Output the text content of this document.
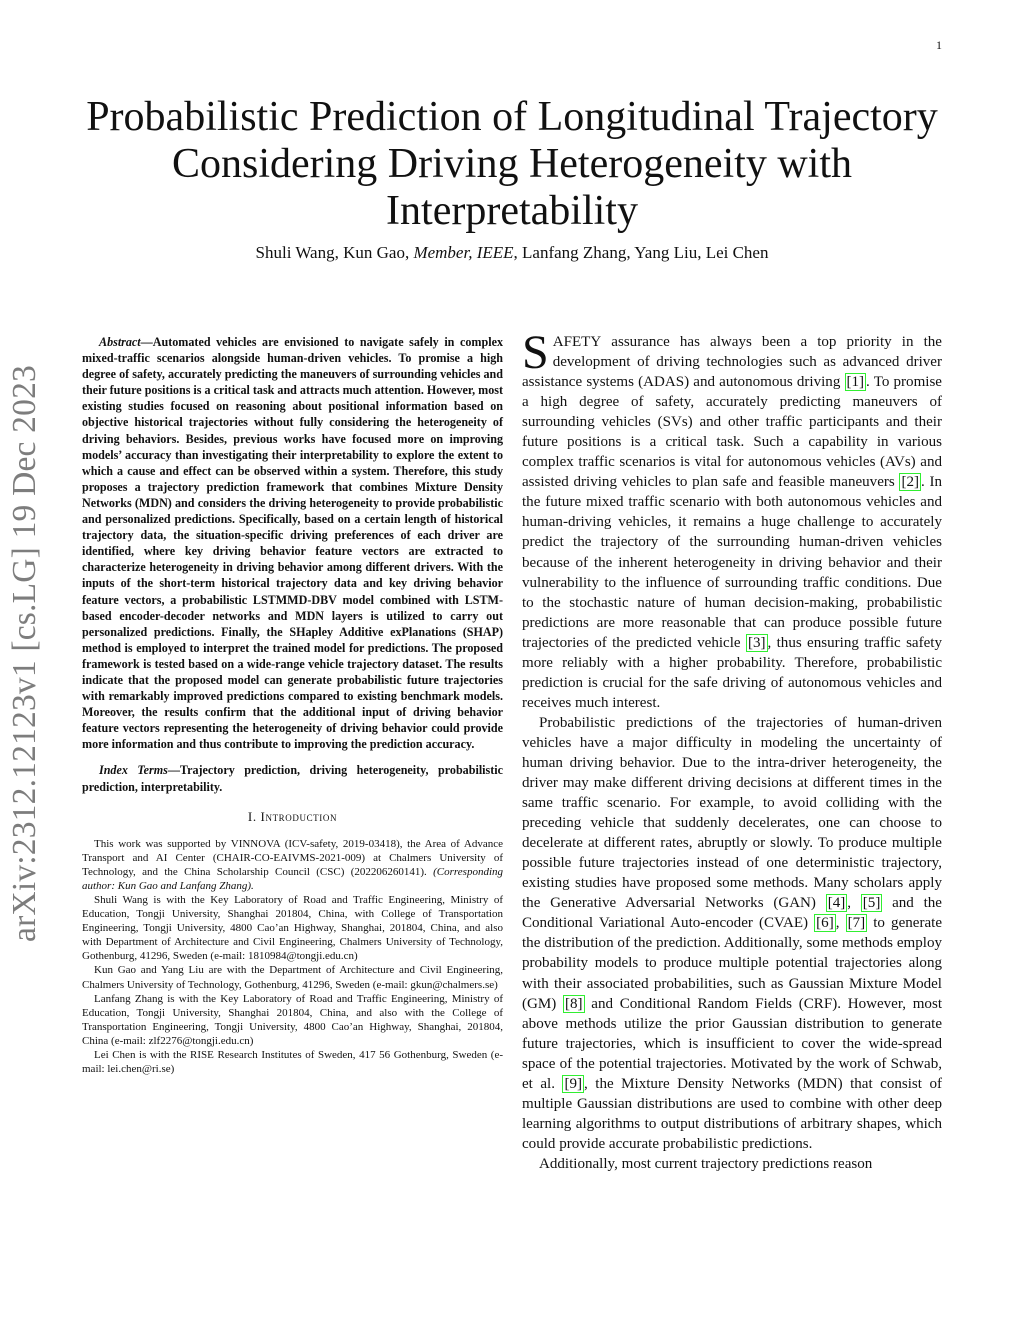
1
arXiv:2312.12123v1 [cs.LG] 19 Dec 2023
Probabilistic Prediction of Longitudinal Trajectory Considering Driving Heterogeneity with Interpretability
Shuli Wang, Kun Gao, Member, IEEE, Lanfang Zhang, Yang Liu, Lei Chen

Abstract—Automated vehicles are envisioned to navigate safely in complex mixed-traffic scenarios alongside human-driven vehicles. To promise a high degree of safety, accurately predicting the maneuvers of surrounding vehicles and their future positions is a critical task and attracts much attention. However, most existing studies focused on reasoning about positional information based on objective historical trajectories without fully considering the heterogeneity of driving behaviors. Besides, previous works have focused more on improving models’ accuracy than investigating their interpretability to explore the extent to which a cause and effect can be observed within a system. Therefore, this study proposes a trajectory prediction framework that combines Mixture Density Networks (MDN) and considers the driving heterogeneity to provide probabilistic and personalized predictions. Specifically, based on a certain length of historical trajectory data, the situation-specific driving preferences of each driver are identified, where key driving behavior feature vectors are extracted to characterize heterogeneity in driving behavior among different drivers. With the inputs of the short-term historical trajectory data and key driving behavior feature vectors, a probabilistic LSTMMD-DBV model combined with LSTM-based encoder-decoder networks and MDN layers is utilized to carry out personalized predictions. Finally, the SHapley Additive exPlanations (SHAP) method is employed to interpret the trained model for predictions. The proposed framework is tested based on a wide-range vehicle trajectory dataset. The results indicate that the proposed model can generate probabilistic future trajectories with remarkably improved predictions compared to existing benchmark models. Moreover, the results confirm that the additional input of driving behavior feature vectors representing the heterogeneity of driving behavior could provide more information and thus contribute to improving the prediction accuracy.

Index Terms—Trajectory prediction, driving heterogeneity, probabilistic prediction, interpretability.

I. Introduction

This work was supported by VINNOVA (ICV-safety, 2019-03418), the Area of Advance Transport and AI Center (CHAIR-CO-EAIVMS-2021-009) at Chalmers University of Technology, and the China Scholarship Council (CSC) (202206260141). (Corresponding author: Kun Gao and Lanfang Zhang).

Shuli Wang is with the Key Laboratory of Road and Traffic Engineering, Ministry of Education, Tongji University, Shanghai 201804, China, with College of Transportation Engineering, Tongji University, 4800 Cao’an Highway, Shanghai, 201804, China, and also with Department of Architecture and Civil Engineering, Chalmers University of Technology, Gothenburg, 41296, Sweden (e-mail: 1810984@tongji.edu.cn)

Kun Gao and Yang Liu are with the Department of Architecture and Civil Engineering, Chalmers University of Technology, Gothenburg, 41296, Sweden (e-mail: gkun@chalmers.se)

Lanfang Zhang is with the Key Laboratory of Road and Traffic Engineering, Ministry of Education, Tongji University, Shanghai 201804, China, and also with the College of Transportation Engineering, Tongji University, 4800 Cao’an Highway, Shanghai, 201804, China (e-mail: zlf2276@tongji.edu.cn)

Lei Chen is with the RISE Research Institutes of Sweden, 417 56 Gothenburg, Sweden (e-mail: lei.chen@ri.se)

SAFETY assurance has always been a top priority in the development of driving technologies such as advanced driver assistance systems (ADAS) and autonomous driving [1] . To promise a high degree of safety, accurately predicting maneuvers of surrounding vehicles (SVs) and other traffic participants and their future positions is a critical task. Such a capability in various complex traffic scenarios is vital for autonomous vehicles (AVs) and assisted driving vehicles to plan safe and feasible maneuvers [2] . In the future mixed traffic scenario with both autonomous vehicles and human-driving vehicles, it remains a huge challenge to accurately predict the trajectory of the surrounding human-driven vehicles because of the inherent heterogeneity in driving behavior and their vulnerability to the influence of surrounding traffic conditions. Due to the stochastic nature of human decision-making, probabilistic predictions are more reasonable that can produce possible future trajectories of the predicted vehicle [3] , thus ensuring traffic safety more reliably with a higher probability. Therefore, probabilistic prediction is crucial for the safe driving of autonomous vehicles and receives much interest.

Probabilistic predictions of the trajectories of human-driven vehicles have a major difficulty in modeling the uncertainty of human driving behavior. Due to the intra-driver heterogeneity, the driver may make different driving decisions at different times in the same traffic scenario. For example, to avoid colliding with the preceding vehicle that suddenly decelerates, one can choose to decelerate at different rates, abruptly or slowly. To produce multiple possible future trajectories instead of one deterministic trajectory, existing studies have proposed some methods. Many scholars apply the Generative Adversarial Networks (GAN) [4] , [5] and the Conditional Variational Auto-encoder (CVAE) [6] , [7] to generate the distribution of the prediction. Additionally, some methods employ probability models to produce multiple potential trajectories along with their associated probabilities, such as Gaussian Mixture Model (GM) [8] and Conditional Random Fields (CRF). However, most above methods utilize the prior Gaussian distribution to generate future trajectories, which is insufficient to cover the wide-spread space of the potential trajectories. Motivated by the work of Schwab, et al. [9] , the Mixture Density Networks (MDN) that consist of multiple Gaussian distributions are used to combine with other deep learning algorithms to output distributions of arbitrary shapes, which could provide accurate probabilistic predictions.

Additionally, most current trajectory predictions reason
